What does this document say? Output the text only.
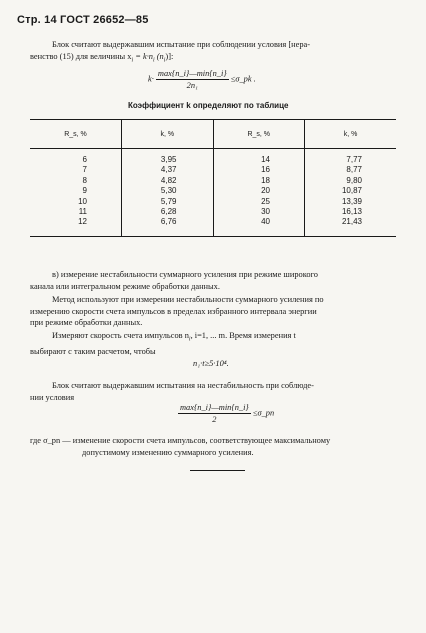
Стр. 14 ГОСТ 26652—85
Блок считают выдержавшим испытание при соблюдении условия [нера-
венство (15) для величины $x_i = k\cdot n_i$ $(n_i)$]:
$k\cdot \frac{\max\{n\_i\}—\min\{n\_i\}}{\text{2n₁}}$ ≤σ_pk .
Коэффициент k определяют по таблице
R_s, %	k, %	R_s, %	k, %
6	3,95	14	7,77
7	4,37	16	8,77
8	4,82	18	9,80
9	5,30	20	10,87
10	5,79	25	13,39
11	6,28	30	16,13
12	6,76	40	21,43
в) измерение нестабильности суммарного усиления при режиме широкого
канала или интегральном режиме обработки данных.
Метод используют при измерении нестабильности суммарного усиления по
измерению скорости счета импульсов в пределах избранного интервала энергии
при режиме обработки данных.
Измеряют скорость счета импульсов $n_i$, i=1, ... m. Время измерения t
выбирают с таким расчетом, чтобы
n₁·t≥5·10⁴.
Блок считают выдержавшим испытания на нестабильность при соблюде-
нии условия
$\frac{\max\{n\_i\}—\min\{n\_i\}}{2}$ ≤σ_pn
где σ_pn — изменение скорости счета импульсов, соответствующее максимальному
допустимому изменению суммарного усиления.
